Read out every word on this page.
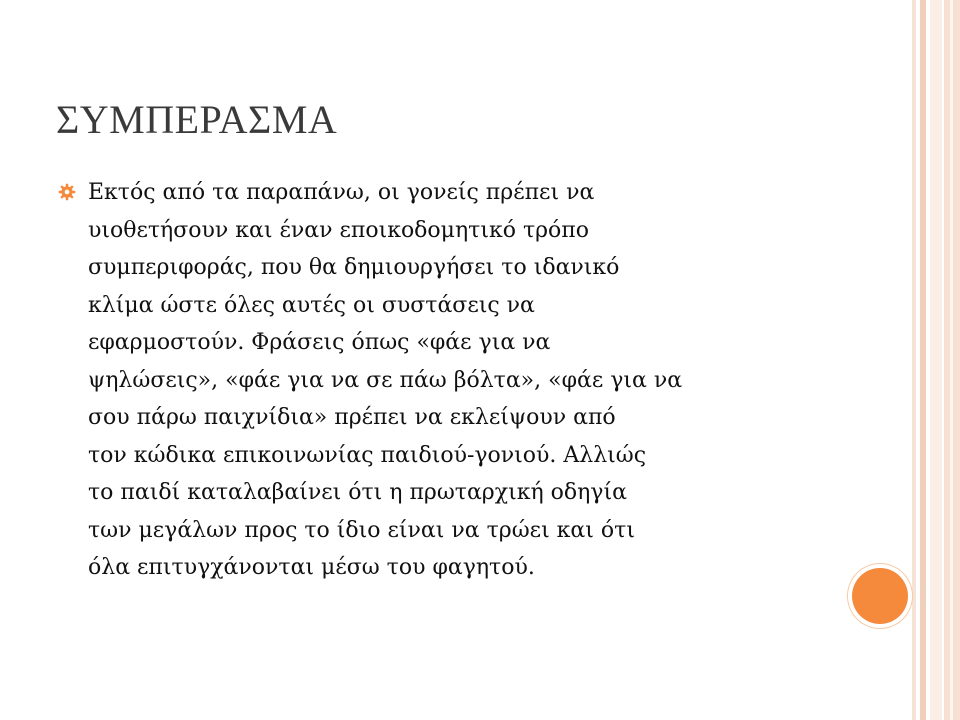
ΣΥΜΠΕΡΑΣΜΑ

Εκτός από τα παραπάνω, οι γονείς πρέπει να
υιοθετήσουν και έναν εποικοδομητικό τρόπο
συμπεριφοράς, που θα δημιουργήσει το ιδανικό
κλίμα ώστε όλες αυτές οι συστάσεις να
εφαρμοστούν. Φράσεις όπως «φάε για να
ψηλώσεις», «φάε για να σε πάω βόλτα», «φάε για να
σου πάρω παιχνίδια» πρέπει να εκλείψουν από
τον κώδικα επικοινωνίας παιδιού-γονιού. Αλλιώς
το παιδί καταλαβαίνει ότι η πρωταρχική οδηγία
των μεγάλων προς το ίδιο είναι να τρώει και ότι
όλα επιτυγχάνονται μέσω του φαγητού.
